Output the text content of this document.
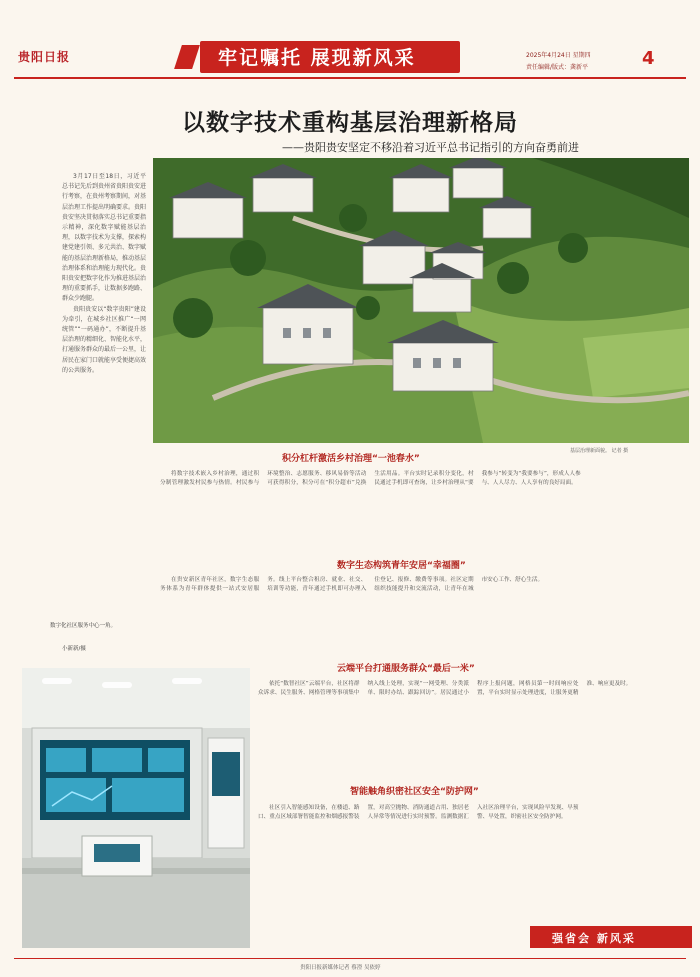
贵阳日报	牢记嘱托 展现新风采	2025年4月24日 星期四
责任编辑/版式：龚新平	4
以数字技术重构基层治理新格局
——贵阳贵安坚定不移沿着习近平总书记指引的方向奋勇前进

3月17日至18日，习近平总书记先后到贵州省贵阳贵安进行考察，在贵州考察期间，对基层治理工作提出明确要求。贵阳贵安坚决贯彻落实总书记重要指示精神，深化数字赋能基层治理，以数字技术为支撑，探索构建党建引领、多元共治、数字赋能的基层治理新格局，推动基层治理体系和治理能力现代化。贵阳贵安把数字化作为推进基层治理的重要抓手，让数据多跑路、群众少跑腿。

贵阳贵安以“数字贵阳”建设为牵引，在城乡社区推广“一网统管”“一码通办”，不断提升基层治理的精细化、智能化水平，打通服务群众的最后一公里，让居民在家门口就能享受便捷高效的公共服务。

基层治理新面貌。 记者 摄
数字化社区服务中心一角。
小新新/摄
积分杠杆激活乡村治理“一池春水”

将数字技术嵌入乡村治理，通过积分制管理激发村民参与热情。村民参与环境整治、志愿服务、移风易俗等活动可获得积分，积分可在“积分超市”兑换生活用品。平台实时记录积分变化，村民通过手机即可查询，让乡村治理从“要我参与”转变为“我要参与”，形成人人参与、人人尽力、人人享有的良好局面。

数字生态构筑青年安居“幸福圈”

在贵安新区青年社区，数字生态服务体系为青年群体提供一站式安居服务。线上平台整合租房、就业、社交、培训等功能，青年通过手机即可办理入住登记、报修、缴费等事项。社区定期组织技能提升和交流活动，让青年在城市安心工作、舒心生活。

云端平台打通服务群众“最后一米”

依托“数智社区”云端平台，社区将群众诉求、民生服务、网格管理等事项集中纳入线上处理，实现“一网受理、分类派单、限时办结、跟踪回访”。居民通过小程序上报问题，网格员第一时间响应处置，平台实时显示处理进度，让服务更精准、响应更及时。

智能触角织密社区安全“防护网”

社区引入智能感知设备，在楼道、路口、重点区域部署智能监控和烟感报警装置，对高空抛物、消防通道占用、独居老人异常等情况进行实时预警。监测数据汇入社区治理平台，实现风险早发现、早预警、早处置，织密社区安全防护网。

强省会 新风采
贵阳日报新媒体记者 蔡澄 吴依婷
